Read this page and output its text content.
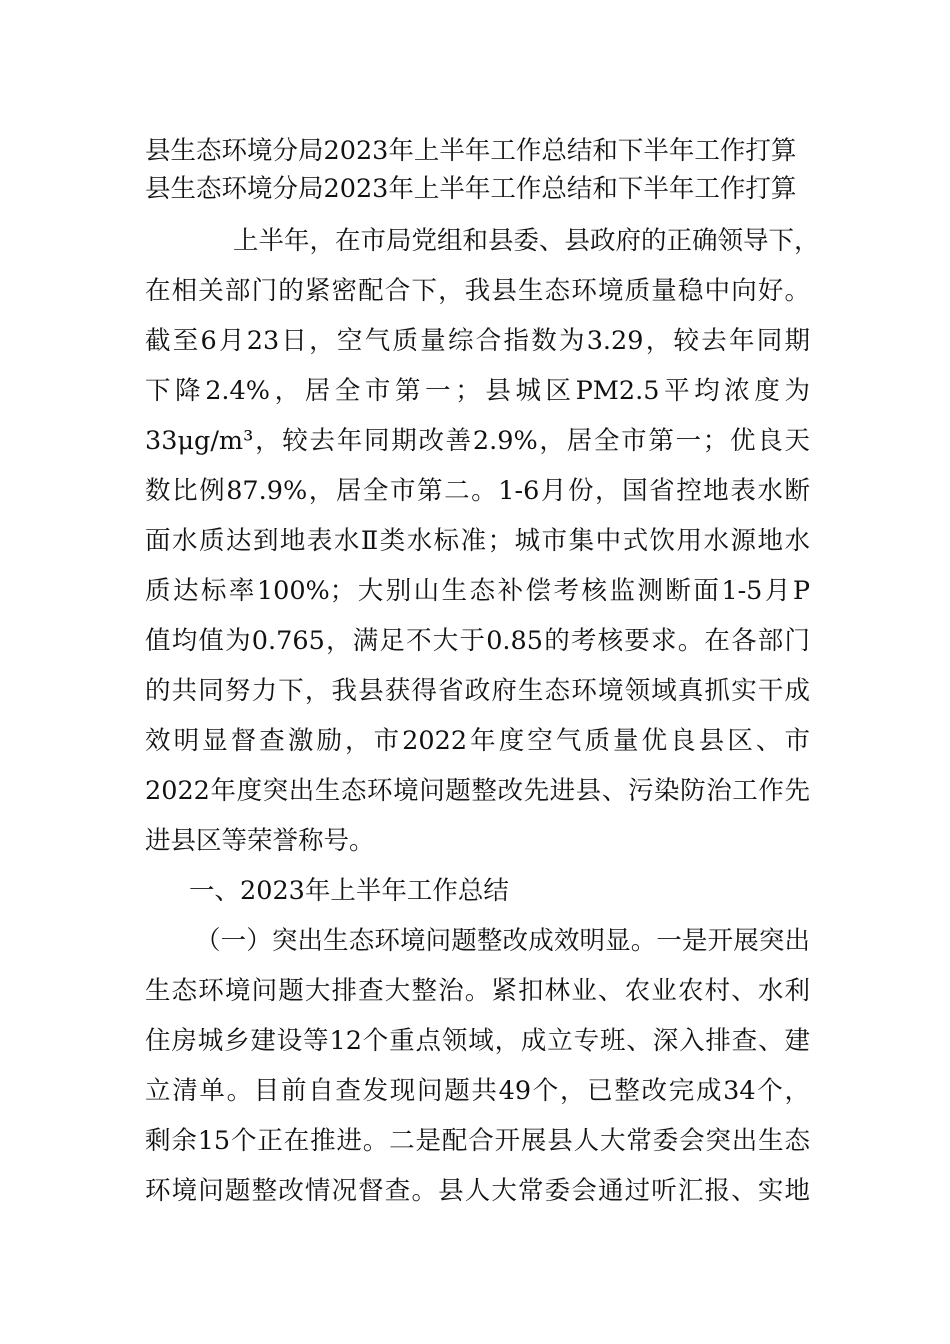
县生态环境分局2023年上半年工作总结和下半年工作打算
县生态环境分局2023年上半年工作总结和下半年工作打算

上半年，在市局党组和县委、县政府的正确领导下，

在相关部门的紧密配合下，我县生态环境质量稳中向好。

截至6月23日，空气质量综合指数为3.29，较去年同期

下降2.4%，居全市第一；县城区PM2.5平均浓度为

33μg/m³，较去年同期改善2.9%，居全市第一；优良天

数比例87.9%，居全市第二。1-6月份，国省控地表水断

面水质达到地表水Ⅱ类水标准；城市集中式饮用水源地水

质达标率100%；大别山生态补偿考核监测断面1-5月P

值均值为0.765，满足不大于0.85的考核要求。在各部门

的共同努力下，我县获得省政府生态环境领域真抓实干成

效明显督查激励，市2022年度空气质量优良县区、市

2022年度突出生态环境问题整改先进县、污染防治工作先

进县区等荣誉称号。

一、2023年上半年工作总结

（一）突出生态环境问题整改成效明显。一是开展突出

生态环境问题大排查大整治。紧扣林业、农业农村、水利

住房城乡建设等12个重点领域，成立专班、深入排查、建

立清单。目前自查发现问题共49个，已整改完成34个，

剩余15个正在推进。二是配合开展县人大常委会突出生态

环境问题整改情况督查。县人大常委会通过听汇报、实地
